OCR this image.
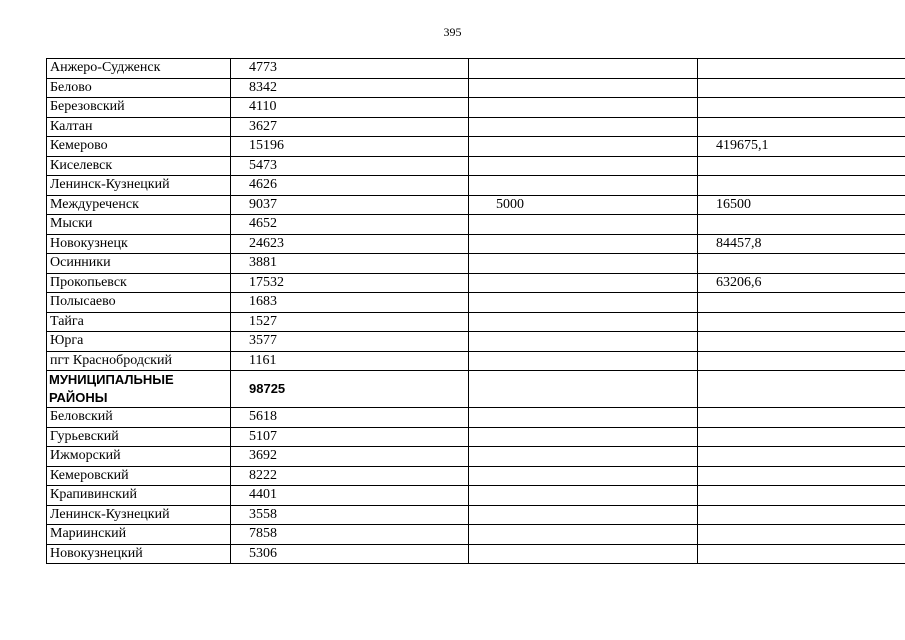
395
Анжеро-Судженск	4773		
Белово	8342		
Березовский	4110		
Калтан	3627		
Кемерово	15196		419675,1
Киселевск	5473		
Ленинск-Кузнецкий	4626		
Междуреченск	9037	5000	16500
Мыски	4652		
Новокузнецк	24623		84457,8
Осинники	3881		
Прокопьевск	17532		63206,6
Полысаево	1683		
Тайга	1527		
Юрга	3577		
пгт Краснобродский	1161		
МУНИЦИПАЛЬНЫЕ РАЙОНЫ	98725		
Беловский	5618		
Гурьевский	5107		
Ижморский	3692		
Кемеровский	8222		
Крапивинский	4401		
Ленинск-Кузнецкий	3558		
Мариинский	7858		
Новокузнецкий	5306		
